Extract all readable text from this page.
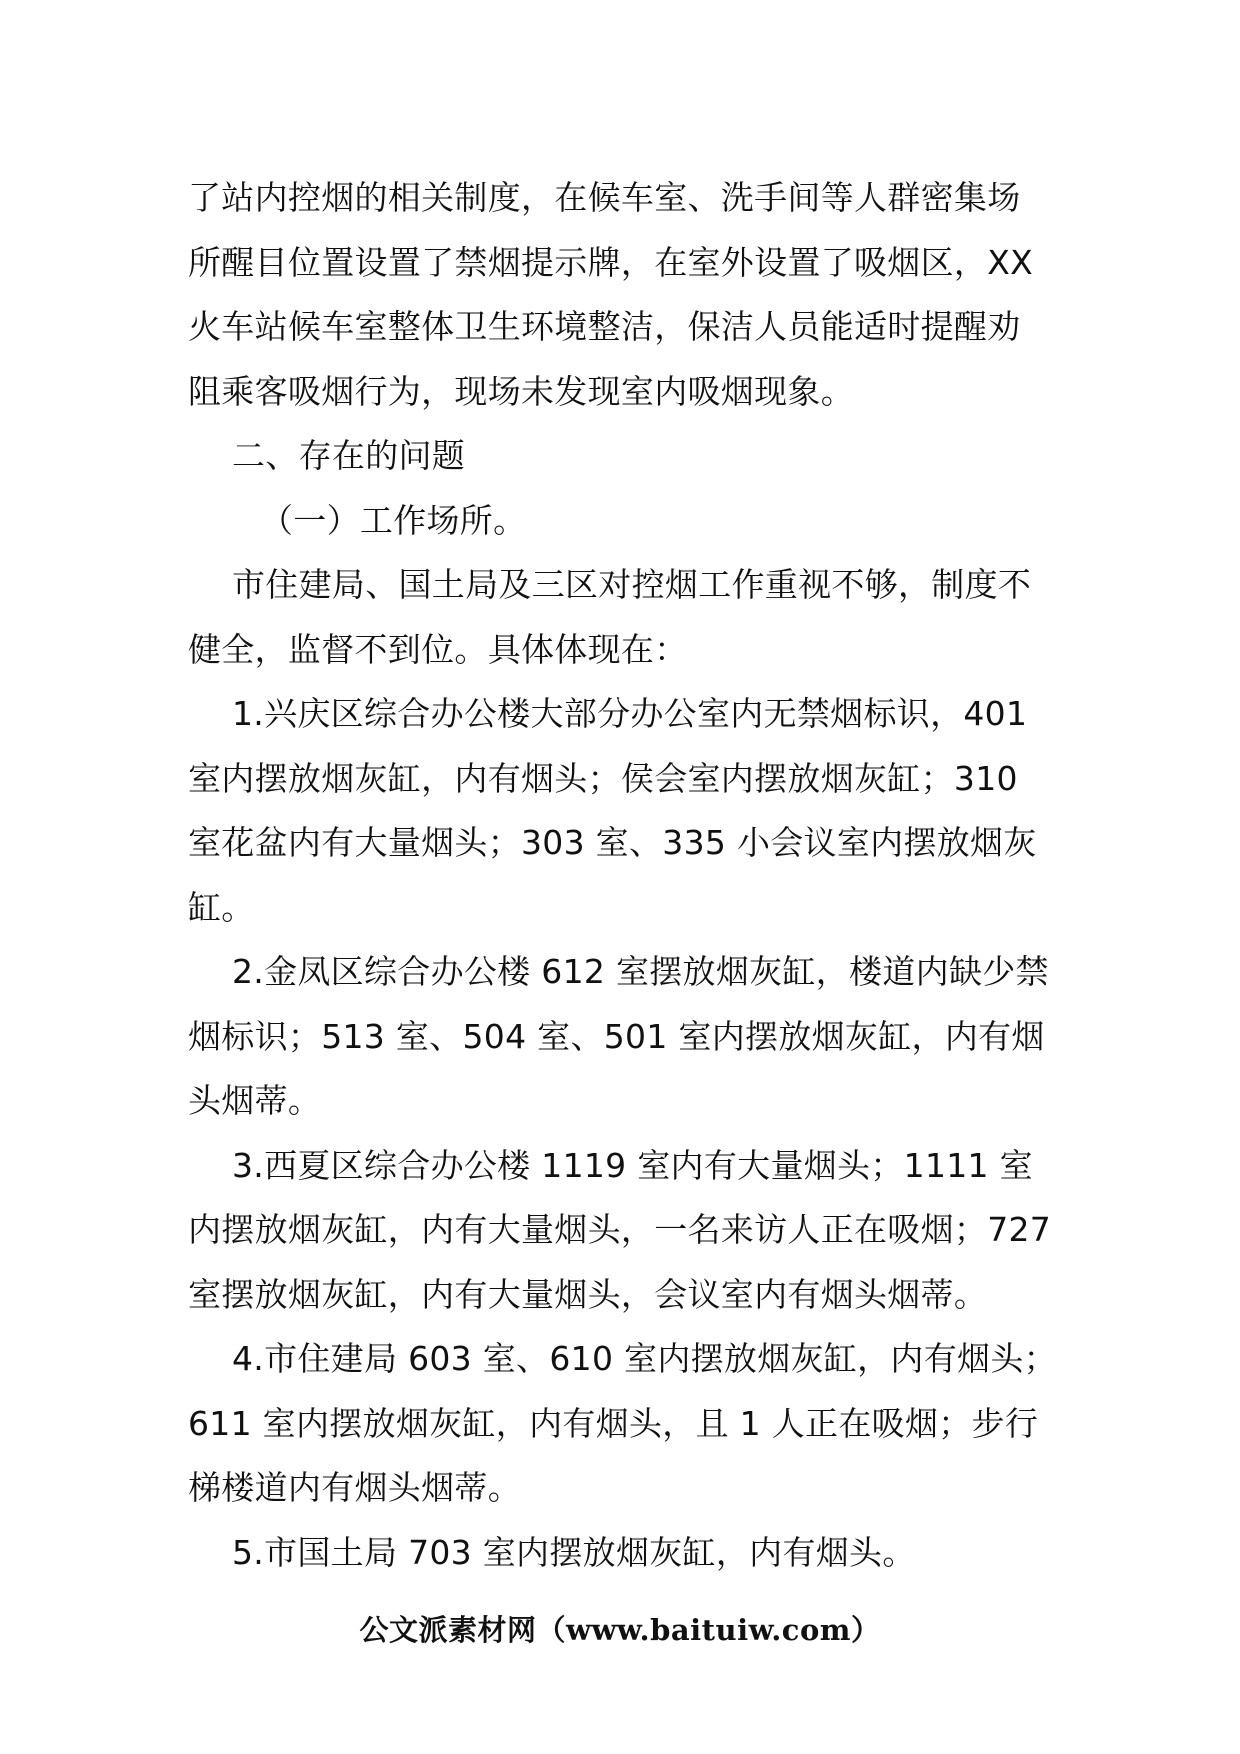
了站内控烟的相关制度，在候车室、洗手间等人群密集场
所醒目位置设置了禁烟提示牌，在室外设置了吸烟区，XX
火车站候车室整体卫生环境整洁，保洁人员能适时提醒劝
阻乘客吸烟行为，现场未发现室内吸烟现象。
二、存在的问题
（一）工作场所。
市住建局、国土局及三区对控烟工作重视不够，制度不
健全，监督不到位。具体体现在：
1.兴庆区综合办公楼大部分办公室内无禁烟标识，401
室内摆放烟灰缸，内有烟头；侯会室内摆放烟灰缸；310
室花盆内有大量烟头；303 室、335 小会议室内摆放烟灰
缸。
2.金凤区综合办公楼 612 室摆放烟灰缸，楼道内缺少禁
烟标识；513 室、504 室、501 室内摆放烟灰缸，内有烟
头烟蒂。
3.西夏区综合办公楼 1119 室内有大量烟头；1111 室
内摆放烟灰缸，内有大量烟头，一名来访人正在吸烟；727
室摆放烟灰缸，内有大量烟头，会议室内有烟头烟蒂。
4.市住建局 603 室、610 室内摆放烟灰缸，内有烟头；
611 室内摆放烟灰缸，内有烟头，且 1 人正在吸烟；步行
梯楼道内有烟头烟蒂。
5.市国土局 703 室内摆放烟灰缸，内有烟头。
公文派素材网（www.baituiw.com）
